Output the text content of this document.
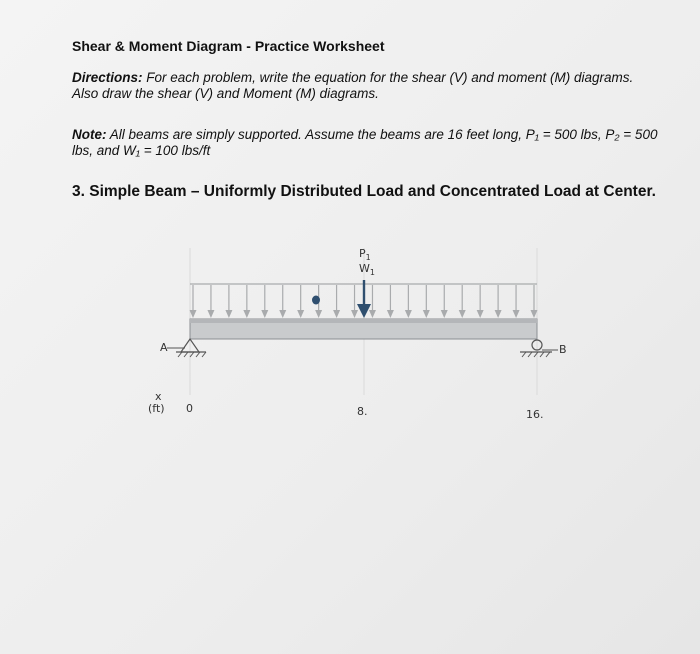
Shear & Moment Diagram - Practice Worksheet
Directions: For each problem, write the equation for the shear (V) and moment (M) diagrams. Also draw the shear (V) and Moment (M) diagrams.
Note: All beams are simply supported. Assume the beams are 16 feet long, P₁ = 500 lbs, P₂ = 500 lbs, and W₁ = 100 lbs/ft
3. Simple Beam – Uniformly Distributed Load and Concentrated Load at Center.
$P_1$
$W_1$
A	B
x
(ft) 0	8.	16.
